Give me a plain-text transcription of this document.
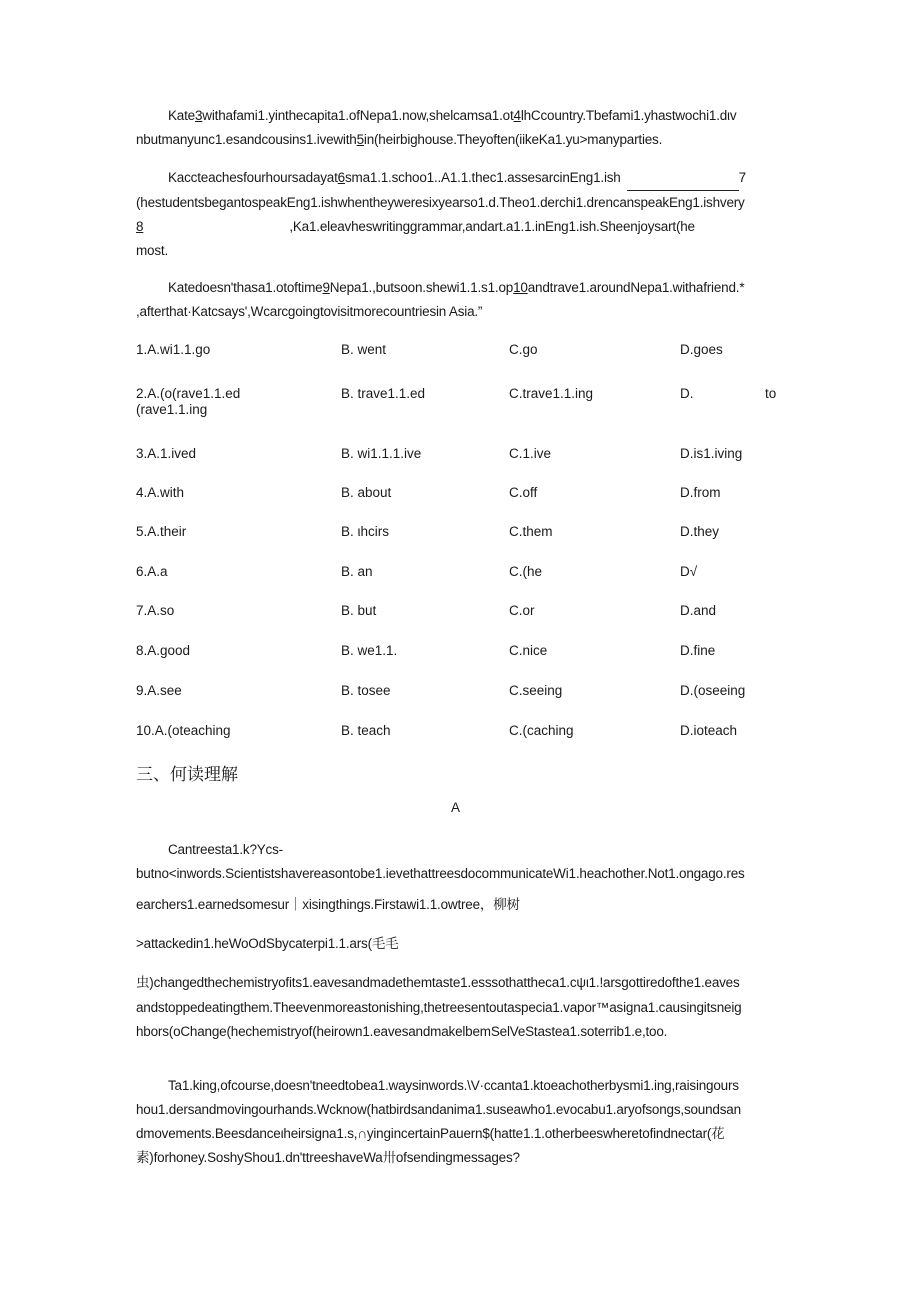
Kate3withafami1.yinthecapita1.ofNepa1.now,shelcamsa1.ot4lhCcountry.Tbefami1.yhastwochi1.dιv
nbutmanyunc1.esandcousins1.ivewith5in(heirbighouse.Theyoften(iikeKa1.yu>manyparties.
Kaccteachesfourhoursadayat6sma1.1.schoo1..A1.1.thec1.assesarcinEng1.ish	7
(hestudentsbegantospeakEng1.ishwhentheyweresixyearso1.d.Theo1.derchi1.drencanspeakEng1.ishvery
8	,Ka1.eleavheswritinggrammar,andart.a1.1.inEng1.ish.Sheenjoysart(he
most.
Katedoesn'thasa1.otoftime9Nepa1.,butsoon.shewi1.1.s1.op10andtrave1.aroundNepa1.withafriend.*
,afterthat·Katcsays',Wcarcgoingtovisitmorecountriesin Asia.”
1.A.wi1.1.go	B. went	C.go	D.goes
2.A.(o(rave1.1.ed
(rave1.1.ing
B. trave1.1.ed	C.trave1.1.ing	D.	to
3.A.1.ived	B. wi1.1.1.ive	C.1.ive	D.is1.iving
4.A.with	B. about	C.off	D.from
5.A.their	B. ιhcirs	C.them	D.they
6.A.a	B. an	C.(he	D√
7.A.so	B. but	C.or	D.and
8.A.good	B. we1.1.	C.nice	D.fine
9.A.see	B. tosee	C.seeing	D.(oseeing
10.A.(oteaching	B. teach	C.(caching	D.ioteach
三、何读理解
A
Cantreesta1.k?Ycs-
butno<inwords.Scientistshavereasontobe1.ievethattreesdocommunicateWi1.heachother.Not1.ongago.res
earchers1.earnedsomesur｜xisingthings.Firstawi1.1.owtree，柳树
>attackedin1.heWoOdSbycaterpi1.1.ars(毛毛
虫)changedthechemistryofits1.eavesandmadethemtaste1.esssothattheca1.cψι1.!arsgottiredofthe1.eaves
andstoppedeatingthem.Theevenmoreastonishing,thetreesentoutaspecia1.vapor™asigna1.causingitsneig
hbors(oChange(hechemistryof(heirown1.eavesandmakelbemSelVeStastea1.soterrib1.e,too.
Ta1.king,ofcourse,doesn'tneedtobea1.waysinwords.\V·ccanta1.ktoeachotherbysmi1.ing,raisingours
hou1.dersandmovingourhands.Wcknow(hatbirdsandanima1.suseawho1.evocabu1.aryofsongs,soundsan
dmovements.Beesdanceιheirsigna1.s,∩yingincertainPauern$(hatte1.1.otherbeeswheretofindnectar(花
素)forhoney.SoshyShou1.dn'ttreeshaveWa卅ofsendingmessages?
